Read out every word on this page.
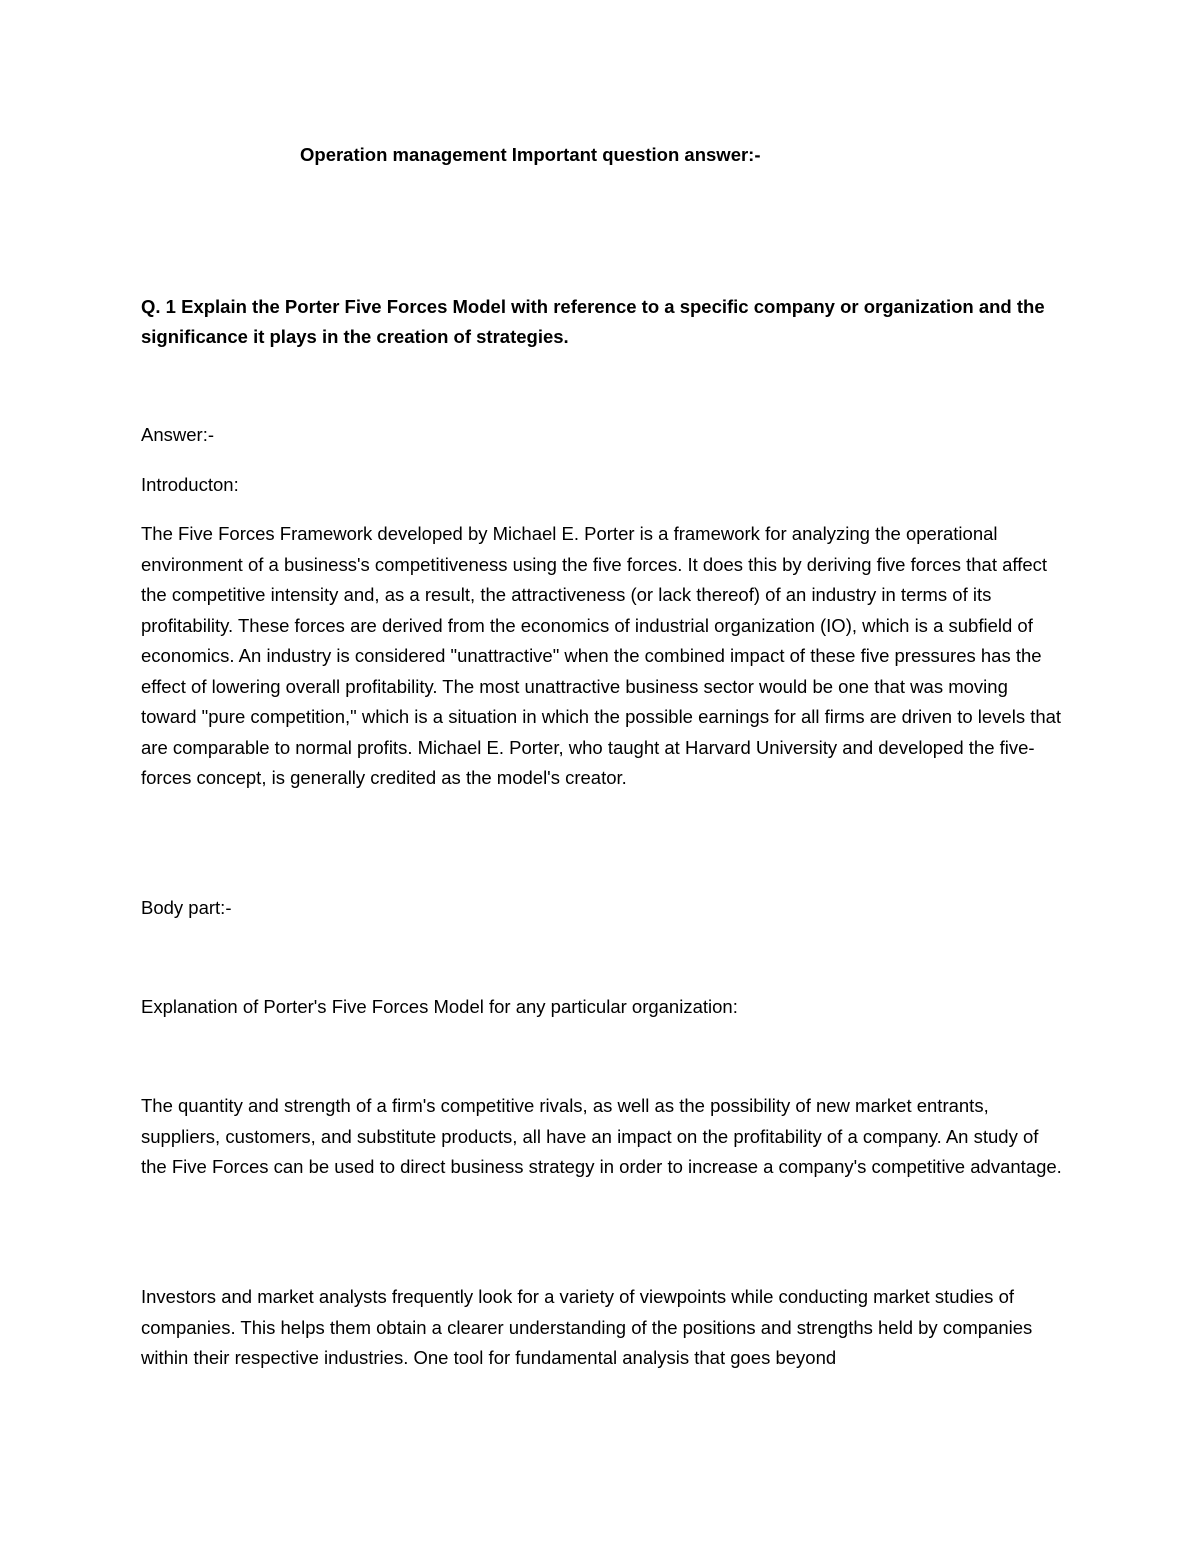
Operation management Important question answer:-

Q. 1 Explain the Porter Five Forces Model with reference to a specific company or organization and the significance it plays in the creation of strategies.

Answer:-

Introducton:

The Five Forces Framework developed by Michael E. Porter is a framework for analyzing the operational environment of a business's competitiveness using the five forces. It does this by deriving five forces that affect the competitive intensity and, as a result, the attractiveness (or lack thereof) of an industry in terms of its profitability. These forces are derived from the economics of industrial organization (IO), which is a subfield of economics. An industry is considered "unattractive" when the combined impact of these five pressures has the effect of lowering overall profitability. The most unattractive business sector would be one that was moving toward "pure competition," which is a situation in which the possible earnings for all firms are driven to levels that are comparable to normal profits. Michael E. Porter, who taught at Harvard University and developed the five-forces concept, is generally credited as the model's creator.

Body part:-

Explanation of Porter's Five Forces Model for any particular organization:

The quantity and strength of a firm's competitive rivals, as well as the possibility of new market entrants, suppliers, customers, and substitute products, all have an impact on the profitability of a company. An study of the Five Forces can be used to direct business strategy in order to increase a company's competitive advantage.

Investors and market analysts frequently look for a variety of viewpoints while conducting market studies of companies. This helps them obtain a clearer understanding of the positions and strengths held by companies within their respective industries. One tool for fundamental analysis that goes beyond
